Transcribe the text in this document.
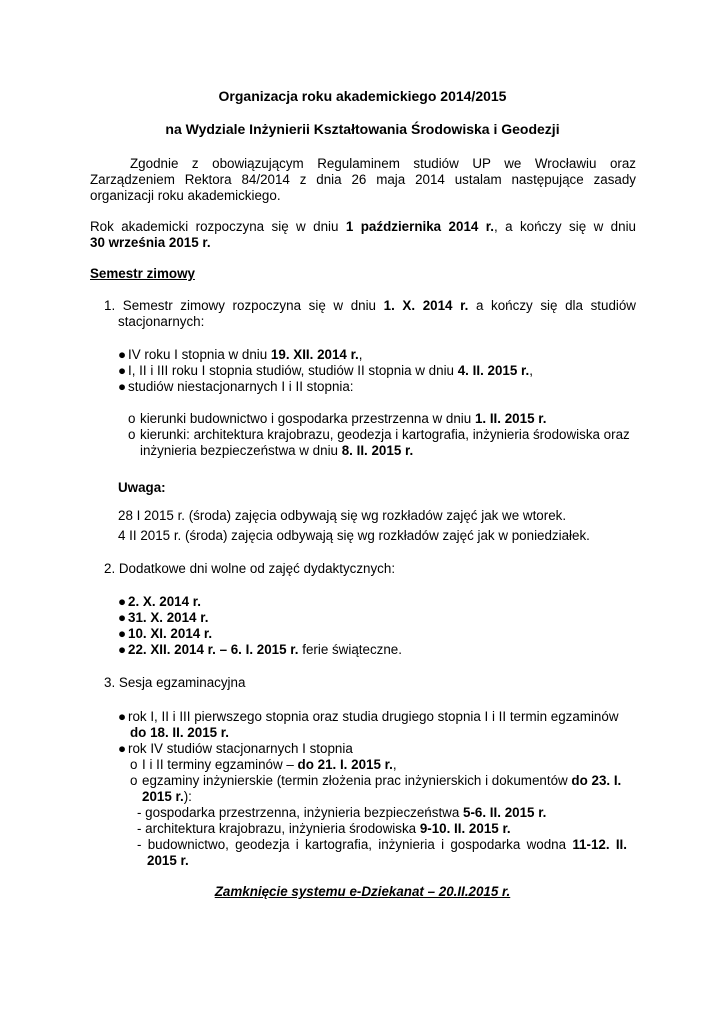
Organizacja roku akademickiego 2014/2015
na Wydziale Inżynierii Kształtowania Środowiska i Geodezji
Zgodnie z obowiązującym Regulaminem studiów UP we Wrocławiu oraz
Zarządzeniem Rektora 84/2014 z dnia 26 maja 2014 ustalam następujące zasady
organizacji roku akademickiego.
Rok akademicki rozpoczyna się w dniu 1 października 2014 r., a kończy się w dniu
30 września 2015 r.
Semestr zimowy
1. Semestr zimowy rozpoczyna się w dniu 1. X. 2014 r. a kończy się dla studiów
stacjonarnych:
● IV roku I stopnia w dniu 19. XII. 2014 r.,
● I, II i III roku I stopnia studiów, studiów II stopnia w dniu 4. II. 2015 r.,
● studiów niestacjonarnych I i II stopnia:
o kierunki budownictwo i gospodarka przestrzenna w dniu 1. II. 2015 r.
o kierunki: architektura krajobrazu, geodezja i kartografia, inżynieria środowiska oraz
inżynieria bezpieczeństwa w dniu 8. II. 2015 r.
Uwaga:
28 I 2015 r. (środa) zajęcia odbywają się wg rozkładów zajęć jak we wtorek.
4 II 2015 r. (środa) zajęcia odbywają się wg rozkładów zajęć jak w poniedziałek.
2. Dodatkowe dni wolne od zajęć dydaktycznych:
● 2. X. 2014 r.
● 31. X. 2014 r.
● 10. XI. 2014 r.
● 22. XII. 2014 r. – 6. I. 2015 r. ferie świąteczne.
3. Sesja egzaminacyjna
● rok I, II i III pierwszego stopnia oraz studia drugiego stopnia I i II termin egzaminów
do 18. II. 2015 r.
● rok IV studiów stacjonarnych I stopnia
o I i II terminy egzaminów – do 21. I. 2015 r.,
o egzaminy inżynierskie (termin złożenia prac inżynierskich i dokumentów do 23. I.
2015 r.):
- gospodarka przestrzenna, inżynieria bezpieczeństwa 5-6. II. 2015 r.
- architektura krajobrazu, inżynieria środowiska 9-10. II. 2015 r.
- budownictwo, geodezja i kartografia, inżynieria i gospodarka wodna 11-12. II.
2015 r.
Zamknięcie systemu e-Dziekanat – 20.II.2015 r.
